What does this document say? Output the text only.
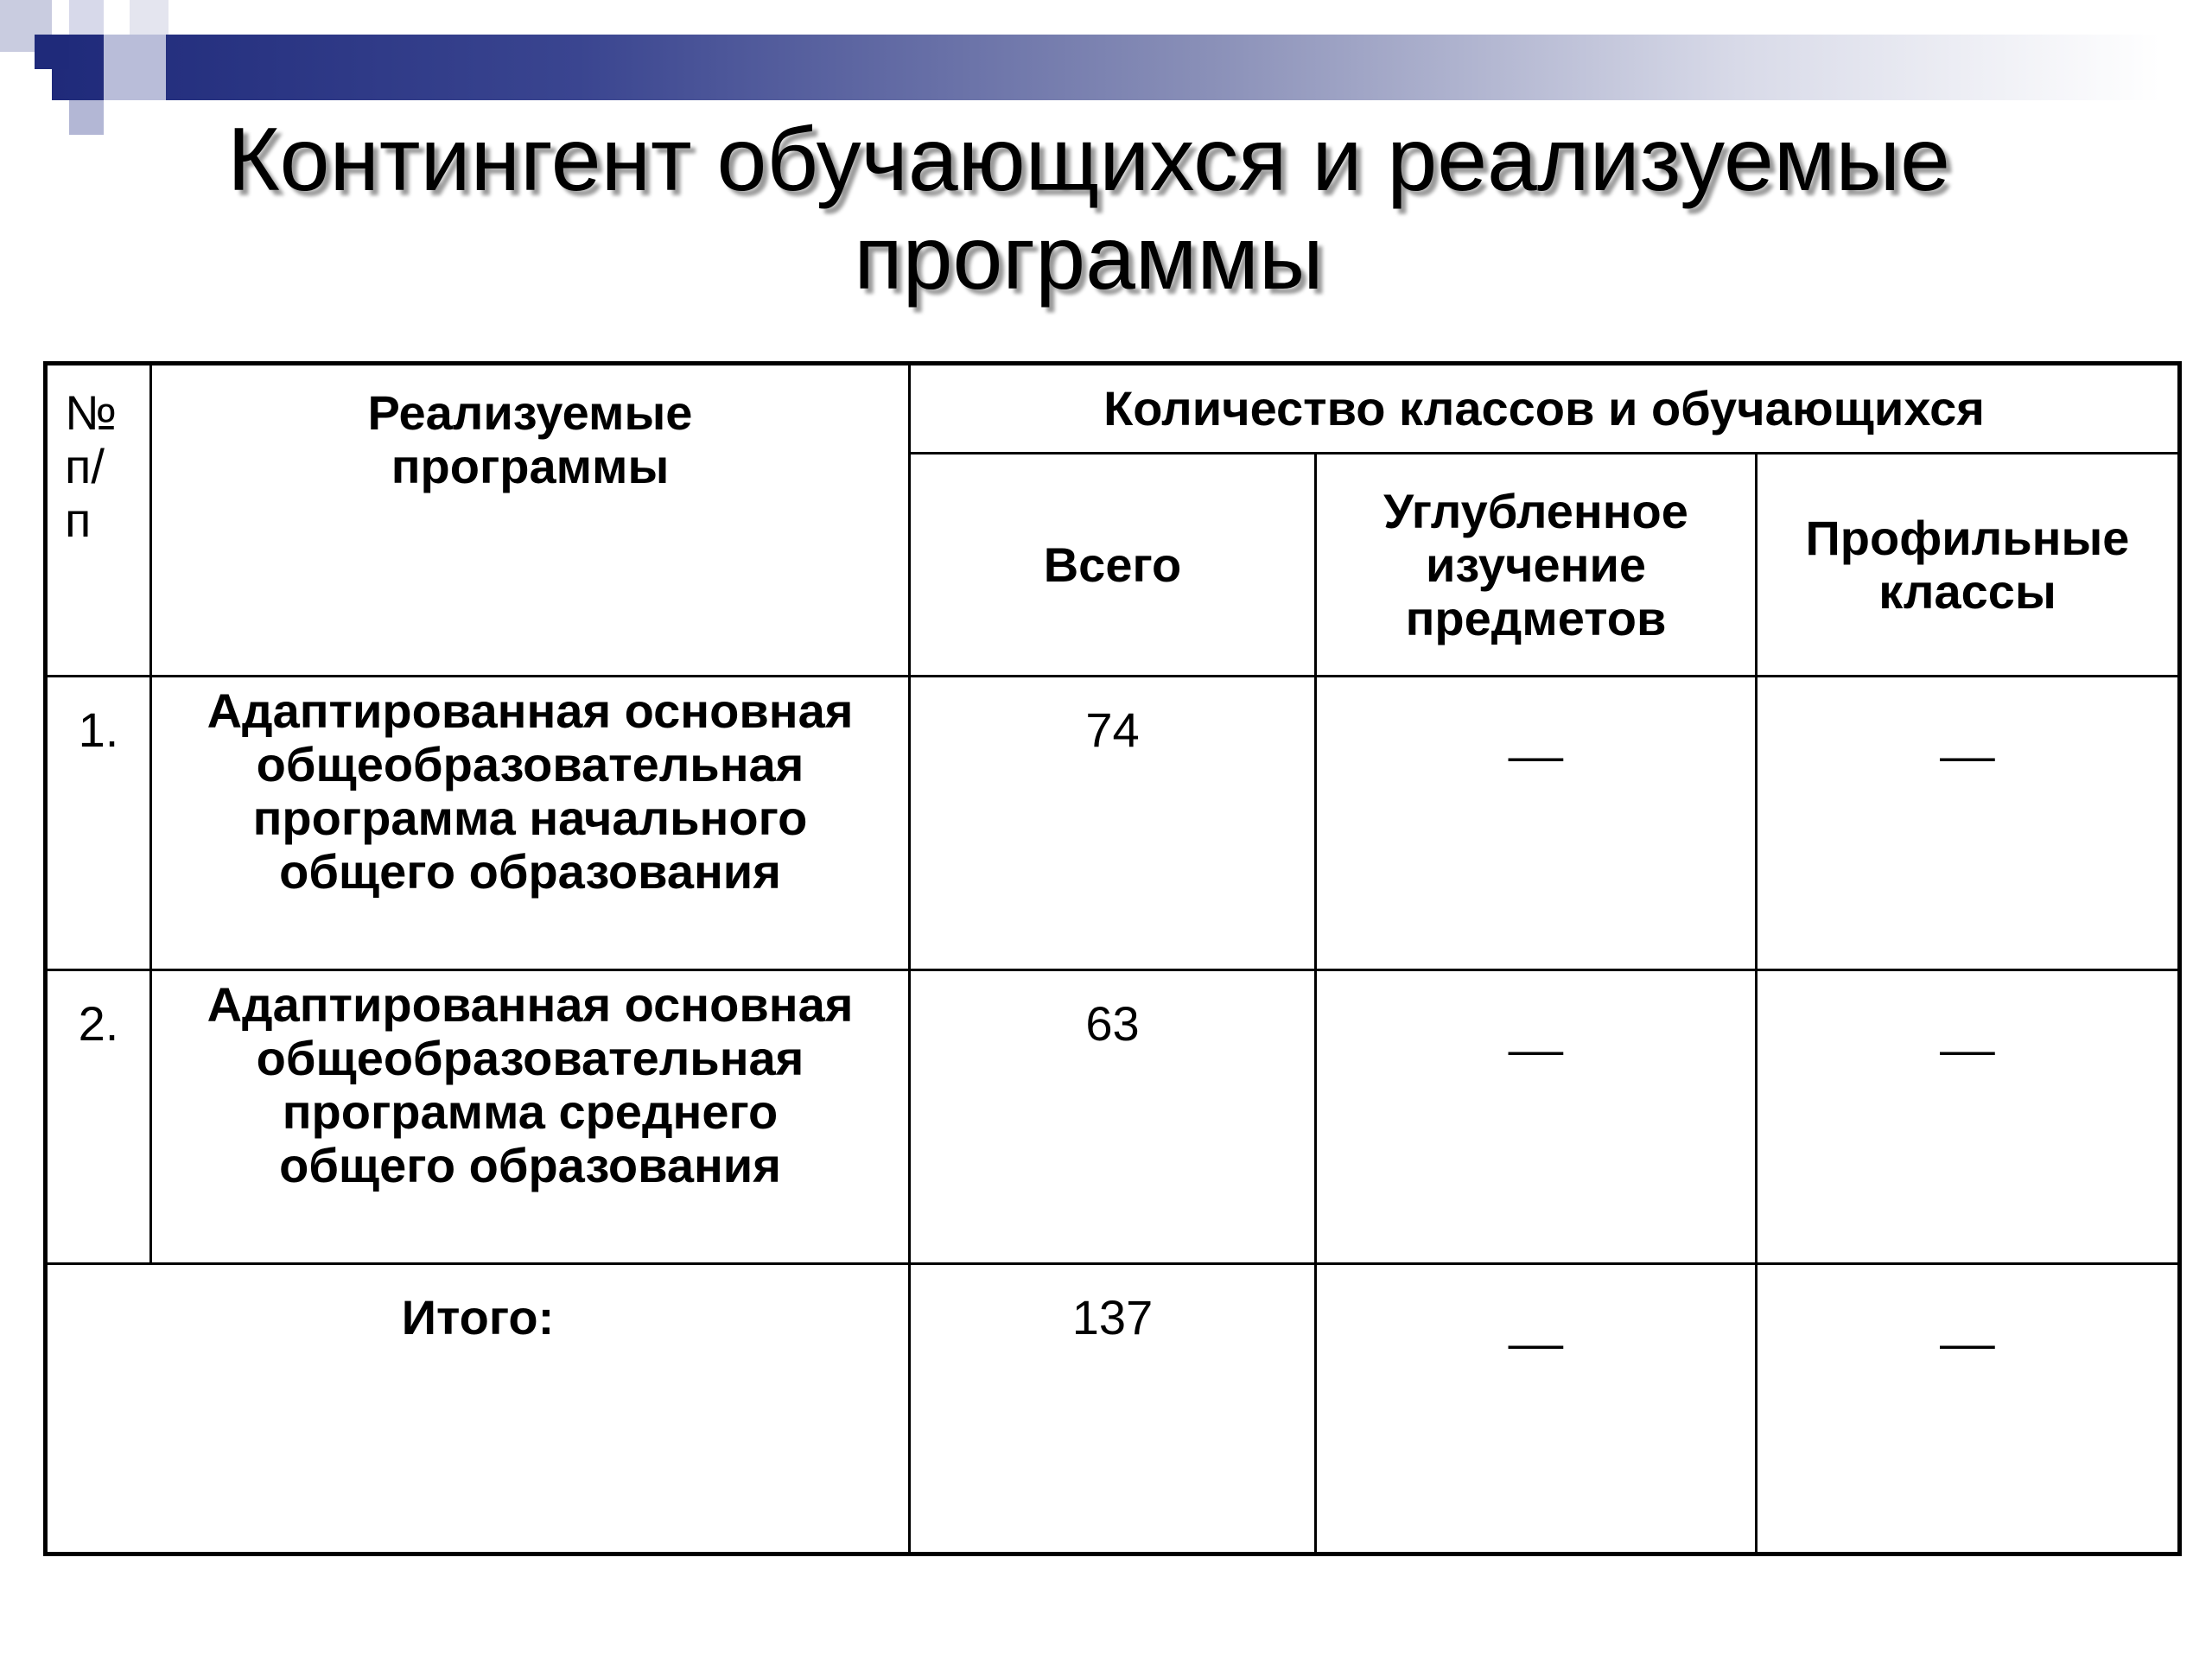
Контингент обучающихся и реализуемые
программы
№ п/ п	Реализуемые программы	Количество классов и обучающихся		
		Всего	Углубленное изучение предметов	Профильные классы

1.	Адаптированная основная общеобразовательная программа начального общего образования	74	__	__
2.	Адаптированная основная общеобразовательная программа среднего общего образования	63	__	__
Итого:		137	__	__
